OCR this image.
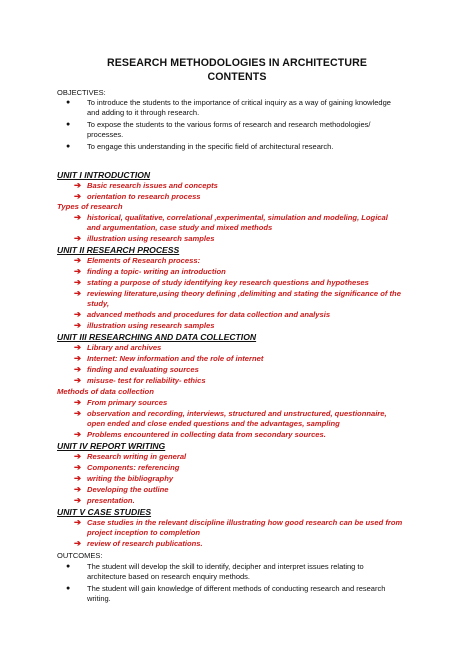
RESEARCH METHODOLOGIES IN ARCHITECTURE
CONTENTS
OBJECTIVES:
● To introduce the students to the importance of critical inquiry as a way of gaining knowledge
and adding to it through research.
● To expose the students to the various forms of research and research methodologies/
processes.
● To engage this understanding in the specific field of architectural research.
UNIT I INTRODUCTION
➔ Basic research issues and concepts
➔ orientation to research process
Types of research
➔ historical, qualitative, correlational ,experimental, simulation and modeling, Logical
and argumentation, case study and mixed methods
➔ illustration using research samples
UNIT II RESEARCH PROCESS
➔ Elements of Research process:
➔ finding a topic- writing an introduction
➔ stating a purpose of study identifying key research questions and hypotheses
➔ reviewing literature,using theory defining ,delimiting and stating the significance of the
study,
➔ advanced methods and procedures for data collection and analysis
➔ illustration using research samples
UNIT III RESEARCHING AND DATA COLLECTION
➔ Library and archives
➔ Internet: New information and the role of internet
➔ finding and evaluating sources
➔ misuse- test for reliability- ethics
Methods of data collection
➔ From primary sources
➔ observation and recording, interviews, structured and unstructured, questionnaire,
open ended and close ended questions and the advantages, sampling
➔ Problems encountered in collecting data from secondary sources.
UNIT IV REPORT WRITING
➔ Research writing in general
➔ Components: referencing
➔ writing the bibliography
➔ Developing the outline
➔ presentation.
UNIT V CASE STUDIES
➔ Case studies in the relevant discipline illustrating how good research can be used from
project inception to completion
➔ review of research publications.
OUTCOMES:
● The student will develop the skill to identify, decipher and interpret issues relating to
architecture based on research enquiry methods.
● The student will gain knowledge of different methods of conducting research and research
writing.
